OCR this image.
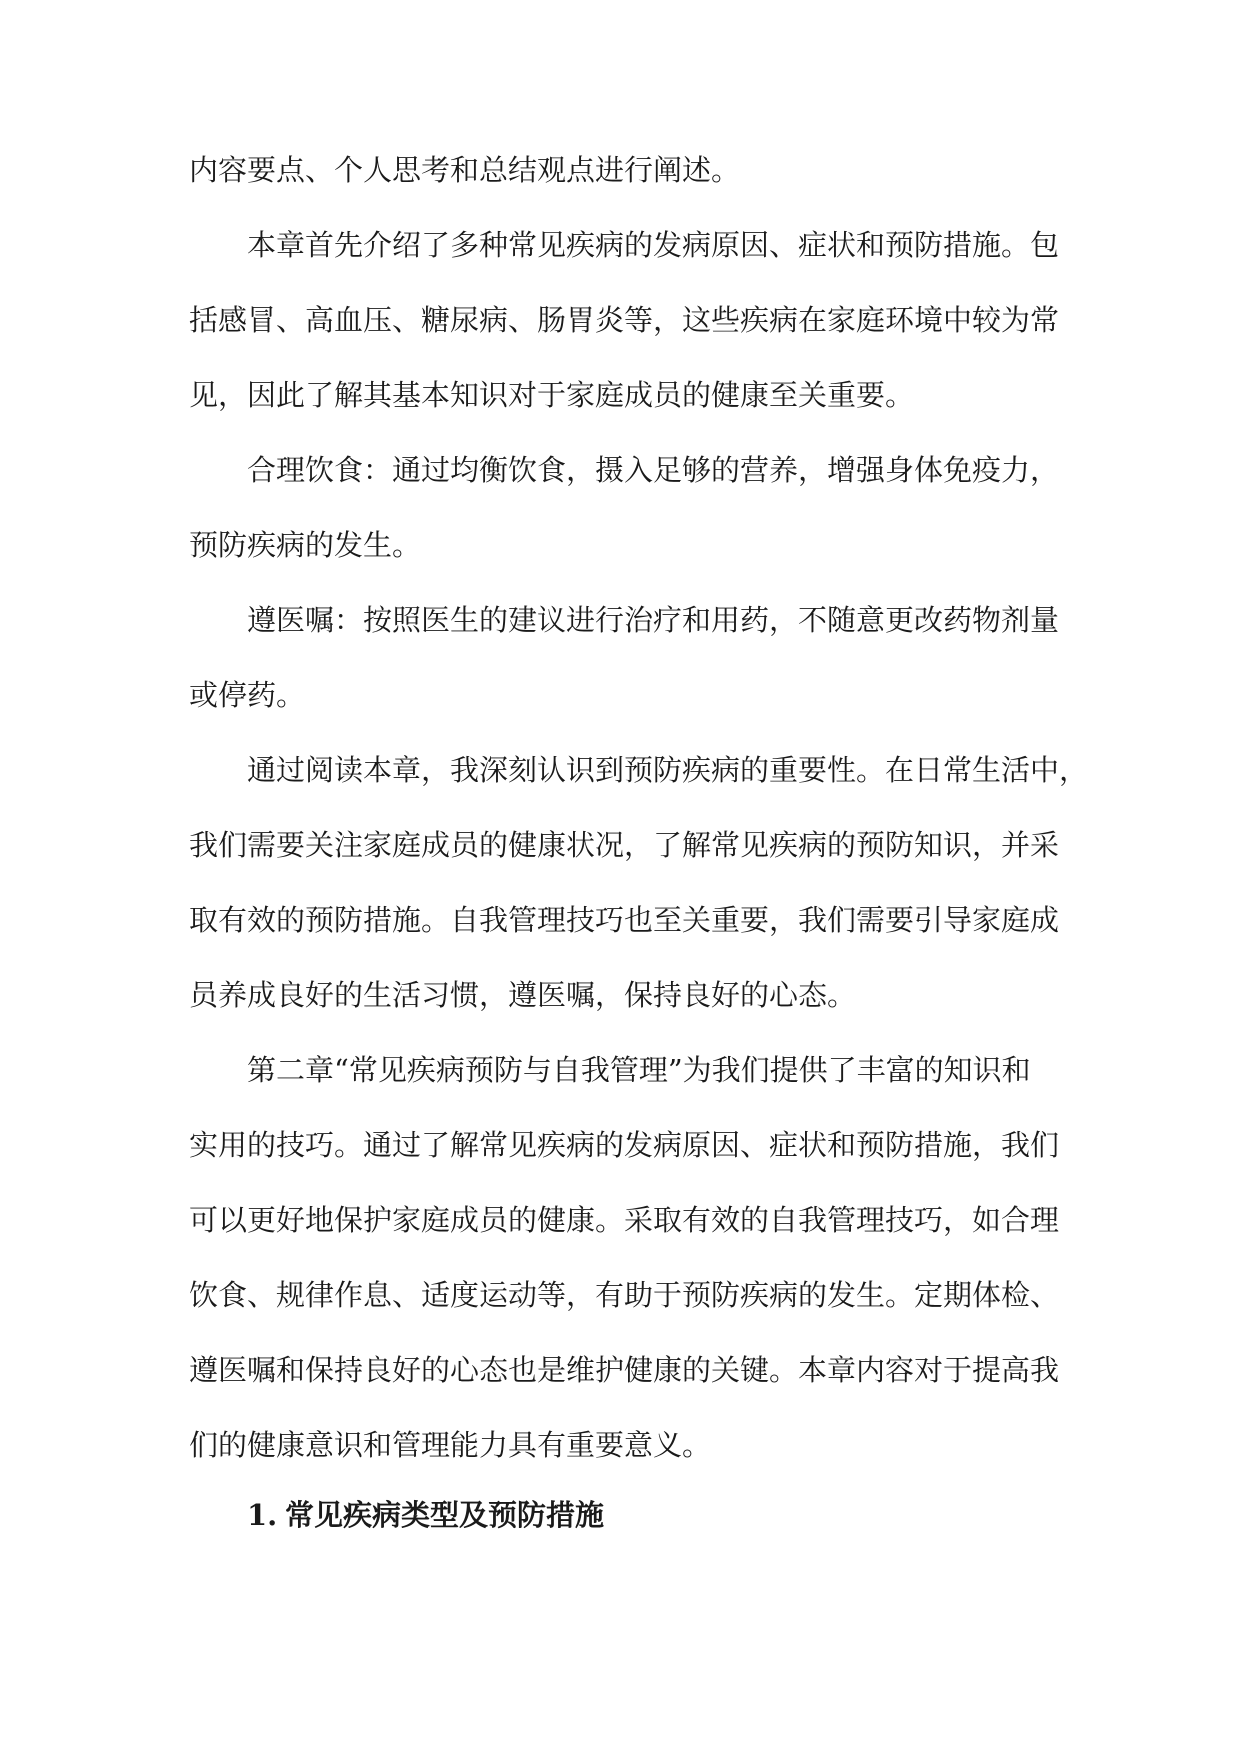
内容要点、个人思考和总结观点进行阐述。

本章首先介绍了多种常见疾病的发病原因、症状和预防措施。包

括感冒、高血压、糖尿病、肠胃炎等，这些疾病在家庭环境中较为常

见，因此了解其基本知识对于家庭成员的健康至关重要。

合理饮食：通过均衡饮食，摄入足够的营养，增强身体免疫力，

预防疾病的发生。

遵医嘱：按照医生的建议进行治疗和用药，不随意更改药物剂量

或停药。

通过阅读本章，我深刻认识到预防疾病的重要性。在日常生活中，

我们需要关注家庭成员的健康状况，了解常见疾病的预防知识，并采

取有效的预防措施。自我管理技巧也至关重要，我们需要引导家庭成

员养成良好的生活习惯，遵医嘱，保持良好的心态。

第二章“常见疾病预防与自我管理”为我们提供了丰富的知识和

实用的技巧。通过了解常见疾病的发病原因、症状和预防措施，我们

可以更好地保护家庭成员的健康。采取有效的自我管理技巧，如合理

饮食、规律作息、适度运动等，有助于预防疾病的发生。定期体检、

遵医嘱和保持良好的心态也是维护健康的关键。本章内容对于提高我

们的健康意识和管理能力具有重要意义。

1. 常见疾病类型及预防措施
